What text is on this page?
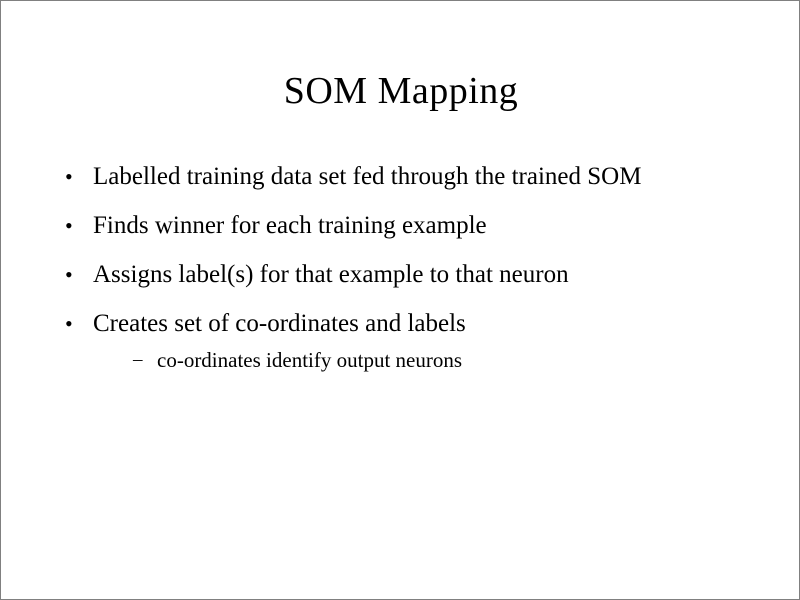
SOM Mapping
• Labelled training data set fed through the trained SOM
• Finds winner for each training example
• Assigns label(s) for that example to that neuron
• Creates set of co-ordinates and labels
– co-ordinates identify output neurons
